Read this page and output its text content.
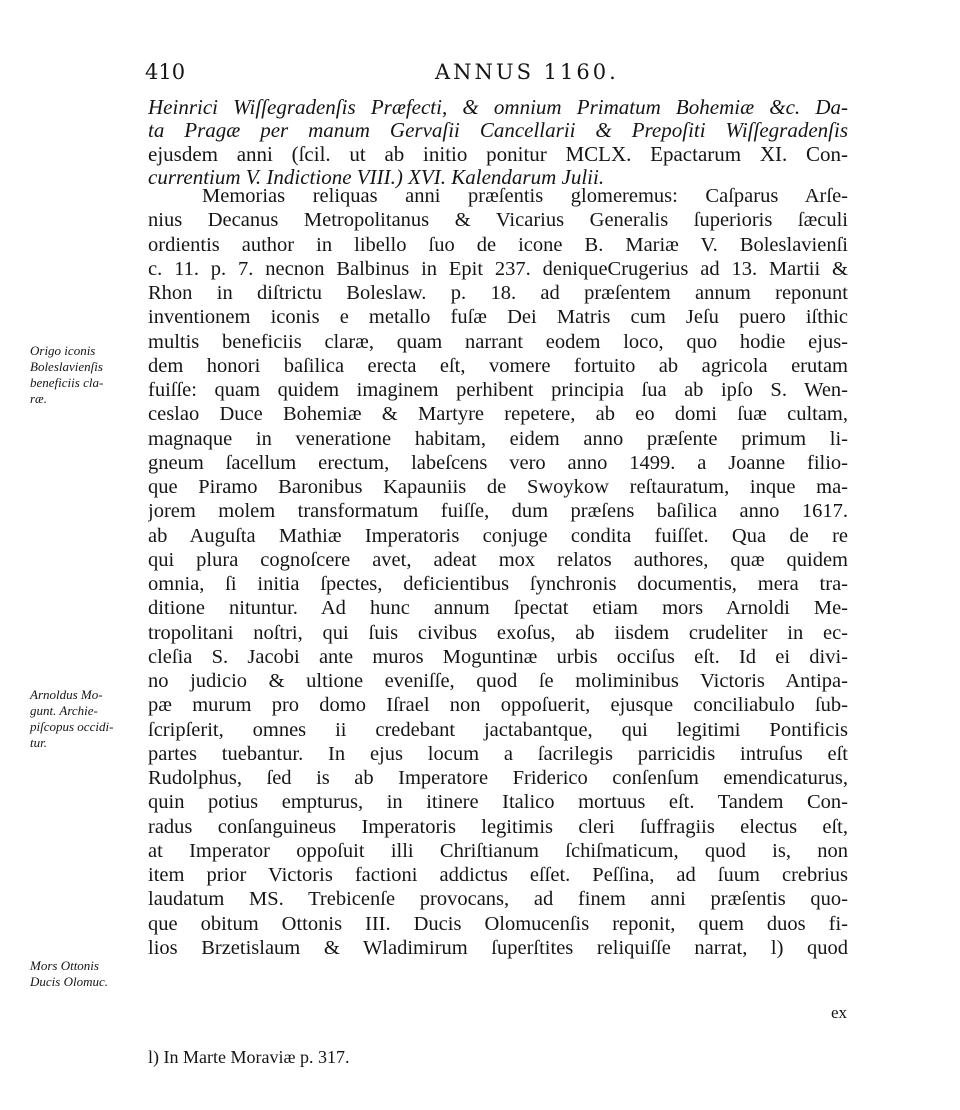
410	ANNUS 1160.
Heinrici Wiſſegradenſis Præfecti, & omnium Primatum Bohemiæ &c. Da-
ta Pragæ per manum Gervaſii Cancellarii & Prepoſiti Wiſſegradenſis
ejusdem anni (ſcil. ut ab initio ponitur MCLX. Epactarum XI. Con-
currentium V. Indictione VIII.) XVI. Kalendarum Julii.
Memorias reliquas anni præſentis glomeremus: Caſparus Arſe-
nius Decanus Metropolitanus & Vicarius Generalis ſuperioris ſæculi
ordientis author in libello ſuo de icone B. Mariæ V. Boleslavienſi
c. 11. p. 7. necnon Balbinus in Epit 237. deniqueCrugerius ad 13. Martii &
Rhon in diſtrictu Boleslaw. p. 18. ad præſentem annum reponunt
inventionem iconis e metallo fuſæ Dei Matris cum Jeſu puero iſthic
multis beneficiis claræ, quam narrant eodem loco, quo hodie ejus-
dem honori baſilica erecta eſt, vomere fortuito ab agricola erutam
fuiſſe: quam quidem imaginem perhibent principia ſua ab ipſo S. Wen-
ceslao Duce Bohemiæ & Martyre repetere, ab eo domi ſuæ cultam,
magnaque in veneratione habitam, eidem anno præſente primum li-
gneum ſacellum erectum, labeſcens vero anno 1499. a Joanne filio-
que Piramo Baronibus Kapauniis de Swoykow reſtauratum, inque ma-
jorem molem transformatum fuiſſe, dum præſens baſilica anno 1617.
ab Auguſta Mathiæ Imperatoris conjuge condita fuiſſet. Qua de re
qui plura cognoſcere avet, adeat mox relatos authores, quæ quidem
omnia, ſi initia ſpectes, deficientibus ſynchronis documentis, mera tra-
ditione nituntur. Ad hunc annum ſpectat etiam mors Arnoldi Me-
tropolitani noſtri, qui ſuis civibus exoſus, ab iisdem crudeliter in ec-
cleſia S. Jacobi ante muros Moguntinæ urbis occiſus eſt. Id ei divi-
no judicio & ultione eveniſſe, quod ſe moliminibus Victoris Antipa-
pæ murum pro domo Iſrael non oppoſuerit, ejusque conciliabulo ſub-
ſcripſerit, omnes ii credebant jactabantque, qui legitimi Pontificis
partes tuebantur. In ejus locum a ſacrilegis parricidis intruſus eſt
Rudolphus, ſed is ab Imperatore Friderico conſenſum emendicaturus,
quin potius empturus, in itinere Italico mortuus eſt. Tandem Con-
radus conſanguineus Imperatoris legitimis cleri ſuffragiis electus eſt,
at Imperator oppoſuit illi Chriſtianum ſchiſmaticum, quod is, non
item prior Victoris factioni addictus eſſet. Peſſina, ad ſuum crebrius
laudatum MS. Trebicenſe provocans, ad finem anni præſentis quo-
que obitum Ottonis III. Ducis Olomucenſis reponit, quem duos fi-
lios Brzetislaum & Wladimirum ſuperſtites reliquiſſe narrat, l) quod
Origo iconis
Boleslavienſis
beneficiis cla-
ræ.
Arnoldus Mo-
gunt. Archie-
piſcopus occidi-
tur.
Mors Ottonis
Ducis Olomuc.
ex
l) In Marte Moraviæ p. 317.
